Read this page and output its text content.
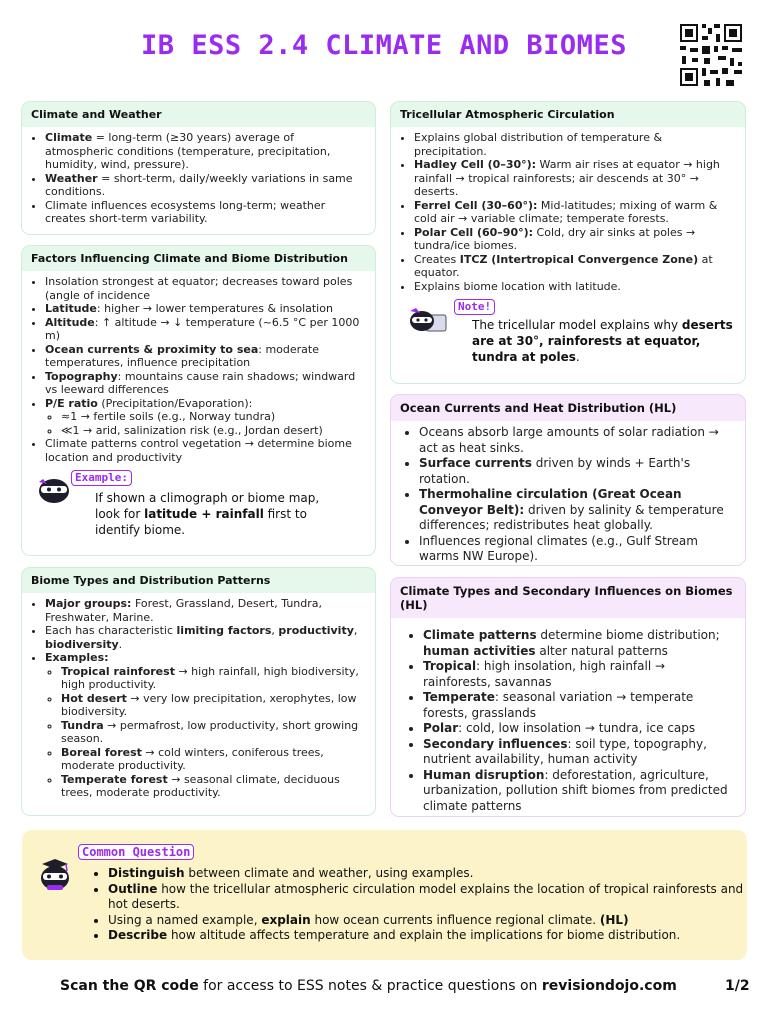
IB ESS 2.4 CLIMATE AND BIOMES
Climate and Weather
• Climate = long-term (≥30 years) average of atmospheric conditions (temperature, precipitation, humidity, wind, pressure).
• Weather = short-term, daily/weekly variations in same conditions.
• Climate influences ecosystems long-term; weather creates short-term variability.
Factors Influencing Climate and Biome Distribution
• Insolation strongest at equator; decreases toward poles (angle of incidence
• Latitude: higher → lower temperatures & insolation
• Altitude: ↑ altitude → ↓ temperature (~6.5 °C per 1000 m)
• Ocean currents & proximity to sea: moderate temperatures, influence precipitation
• Topography: mountains cause rain shadows; windward vs leeward differences
• P/E ratio (Precipitation/Evaporation):
◦ ≈1 → fertile soils (e.g., Norway tundra)
◦ ≪1 → arid, salinization risk (e.g., Jordan desert)
• Climate patterns control vegetation → determine biome location and productivity
Example:
If shown a climograph or biome map, look for latitude + rainfall first to identify biome.
Biome Types and Distribution Patterns
• Major groups: Forest, Grassland, Desert, Tundra, Freshwater, Marine.
• Each has characteristic limiting factors, productivity, biodiversity.
• Examples:
◦ Tropical rainforest → high rainfall, high biodiversity, high productivity.
◦ Hot desert → very low precipitation, xerophytes, low biodiversity.
◦ Tundra → permafrost, low productivity, short growing season.
◦ Boreal forest → cold winters, coniferous trees, moderate productivity.
◦ Temperate forest → seasonal climate, deciduous trees, moderate productivity.
Tricellular Atmospheric Circulation
• Explains global distribution of temperature & precipitation.
• Hadley Cell (0–30°): Warm air rises at equator → high rainfall → tropical rainforests; air descends at 30° → deserts.
• Ferrel Cell (30–60°): Mid-latitudes; mixing of warm & cold air → variable climate; temperate forests.
• Polar Cell (60–90°): Cold, dry air sinks at poles → tundra/ice biomes.
• Creates ITCZ (Intertropical Convergence Zone) at equator.
• Explains biome location with latitude.
Note!
The tricellular model explains why deserts are at 30°, rainforests at equator, tundra at poles.
Ocean Currents and Heat Distribution (HL)
• Oceans absorb large amounts of solar radiation → act as heat sinks.
• Surface currents driven by winds + Earth's rotation.
• Thermohaline circulation (Great Ocean Conveyor Belt): driven by salinity & temperature differences; redistributes heat globally.
• Influences regional climates (e.g., Gulf Stream warms NW Europe).
Climate Types and Secondary Influences on Biomes (HL)
• Climate patterns determine biome distribution; human activities alter natural patterns
• Tropical: high insolation, high rainfall → rainforests, savannas
• Temperate: seasonal variation → temperate forests, grasslands
• Polar: cold, low insolation → tundra, ice caps
• Secondary influences: soil type, topography, nutrient availability, human activity
• Human disruption: deforestation, agriculture, urbanization, pollution shift biomes from predicted climate patterns
Common Question
• Distinguish between climate and weather, using examples.
• Outline how the tricellular atmospheric circulation model explains the location of tropical rainforests and hot deserts.
• Using a named example, explain how ocean currents influence regional climate. (HL)
• Describe how altitude affects temperature and explain the implications for biome distribution.
Scan the QR code for access to ESS notes & practice questions on revisiondojo.com	1/2
